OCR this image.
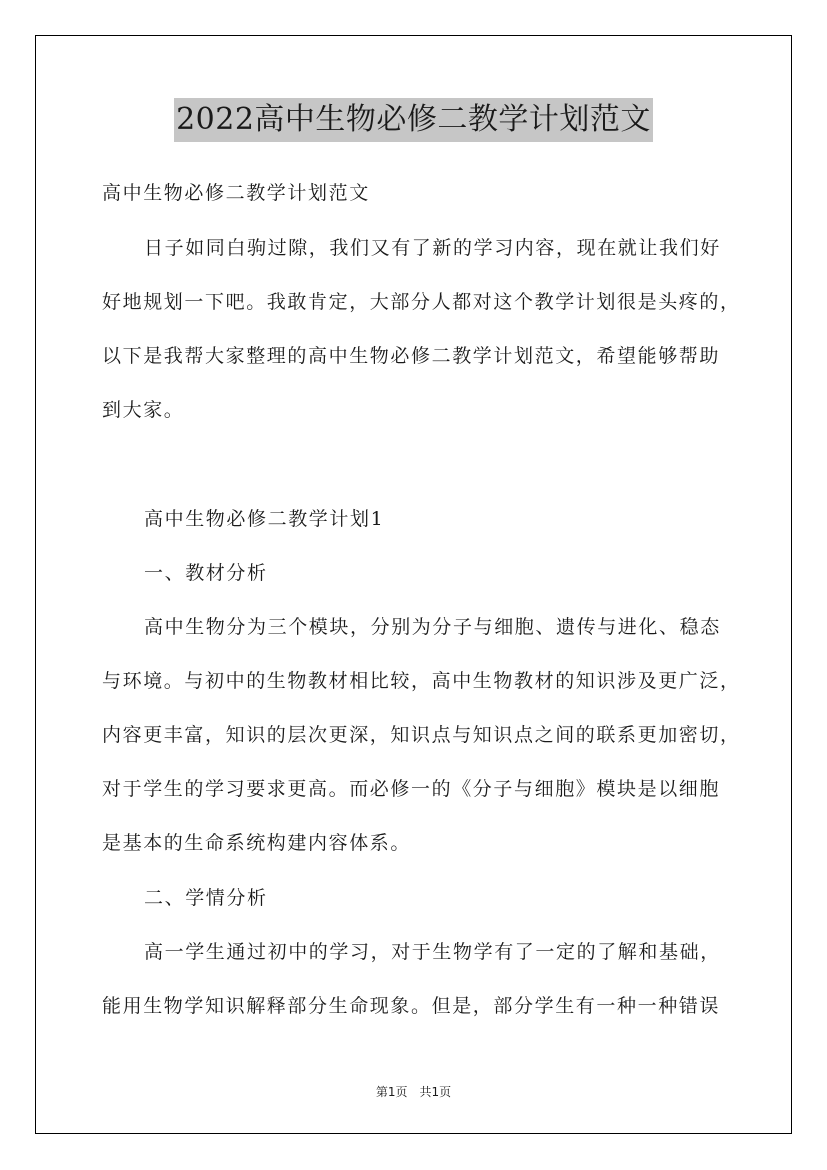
2022高中生物必修二教学计划范文
高中生物必修二教学计划范文
日子如同白驹过隙，我们又有了新的学习内容，现在就让我们好
好地规划一下吧。我敢肯定，大部分人都对这个教学计划很是头疼的，
以下是我帮大家整理的高中生物必修二教学计划范文，希望能够帮助
到大家。
高中生物必修二教学计划1
一、教材分析
高中生物分为三个模块，分别为分子与细胞、遗传与进化、稳态
与环境。与初中的生物教材相比较，高中生物教材的知识涉及更广泛，
内容更丰富，知识的层次更深，知识点与知识点之间的联系更加密切，
对于学生的学习要求更高。而必修一的《分子与细胞》模块是以细胞
是基本的生命系统构建内容体系。
二、学情分析
高一学生通过初中的学习，对于生物学有了一定的了解和基础，
能用生物学知识解释部分生命现象。但是，部分学生有一种一种错误
第1页　共1页
